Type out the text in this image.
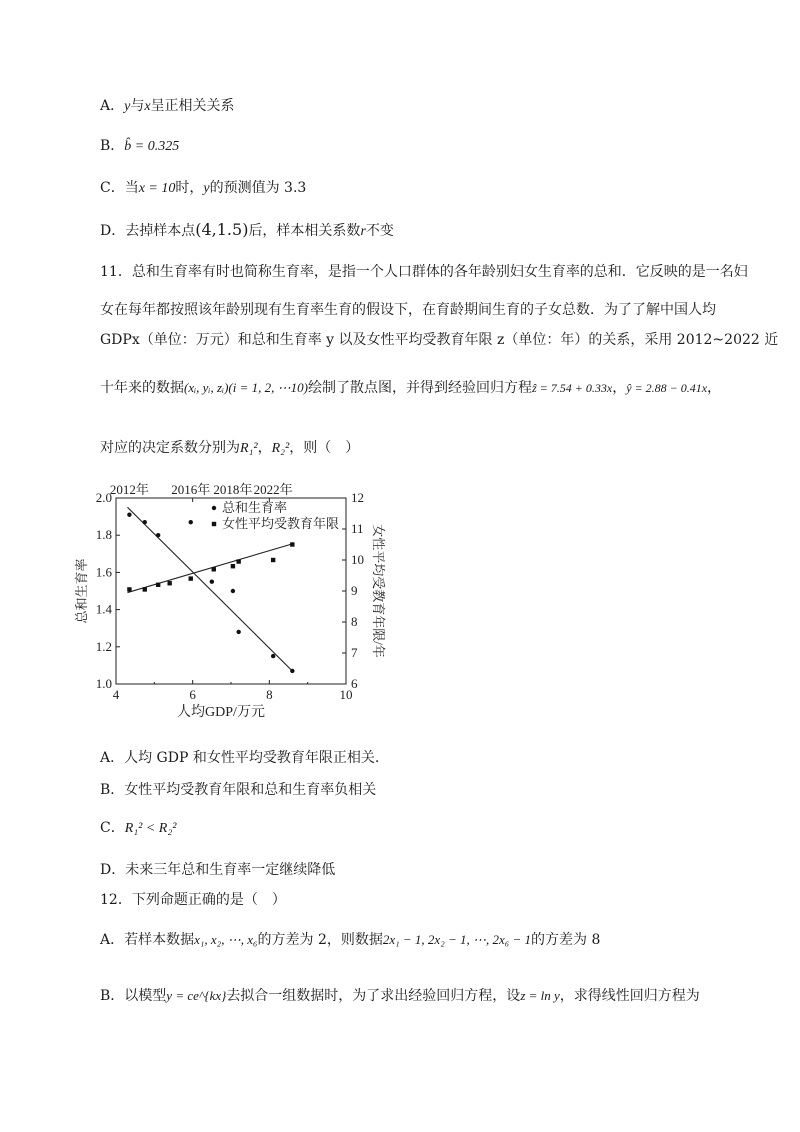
A．y与x呈正相关关系
B．b̂ = 0.325
C．当x = 10时，y的预测值为 3.3
D．去掉样本点(4,1.5)后，样本相关系数r不变
11．总和生育率有时也简称生育率，是指一个人口群体的各年龄别妇女生育率的总和．它反映的是一名妇
女在每年都按照该年龄别现有生育率生育的假设下，在育龄期间生育的子女总数．为了了解中国人均
GDPx（单位：万元）和总和生育率 y 以及女性平均受教育年限 z（单位：年）的关系，采用 2012~2022 近
十年来的数据(xᵢ, yᵢ, zᵢ)(i = 1, 2, ⋯10)绘制了散点图，并得到经验回归方程ẑ = 7.54 + 0.33x，ŷ = 2.88 − 0.41x，
对应的决定系数分别为R₁²，R₂²，则（　）
4	6	8	10
1.0
1.2
1.4
1.6
1.8
2.0
6
7
8
9
10
11
12
2012年 2016年 2018年 2022年
人均GDP/万元
总和生育率	女性平均受教育年限/年
总和生育率
女性平均受教育年限
A．人均 GDP 和女性平均受教育年限正相关.
B．女性平均受教育年限和总和生育率负相关
C．R₁² < R₂²
D．未来三年总和生育率一定继续降低
12．下列命题正确的是（　）
A．若样本数据x₁, x₂, ⋯, x₆的方差为 2，则数据2x₁ − 1, 2x₂ − 1, ⋯, 2x₆ − 1的方差为 8
B．以模型y = ce^{kx}去拟合一组数据时，为了求出经验回归方程，设z = ln y，求得线性回归方程为
